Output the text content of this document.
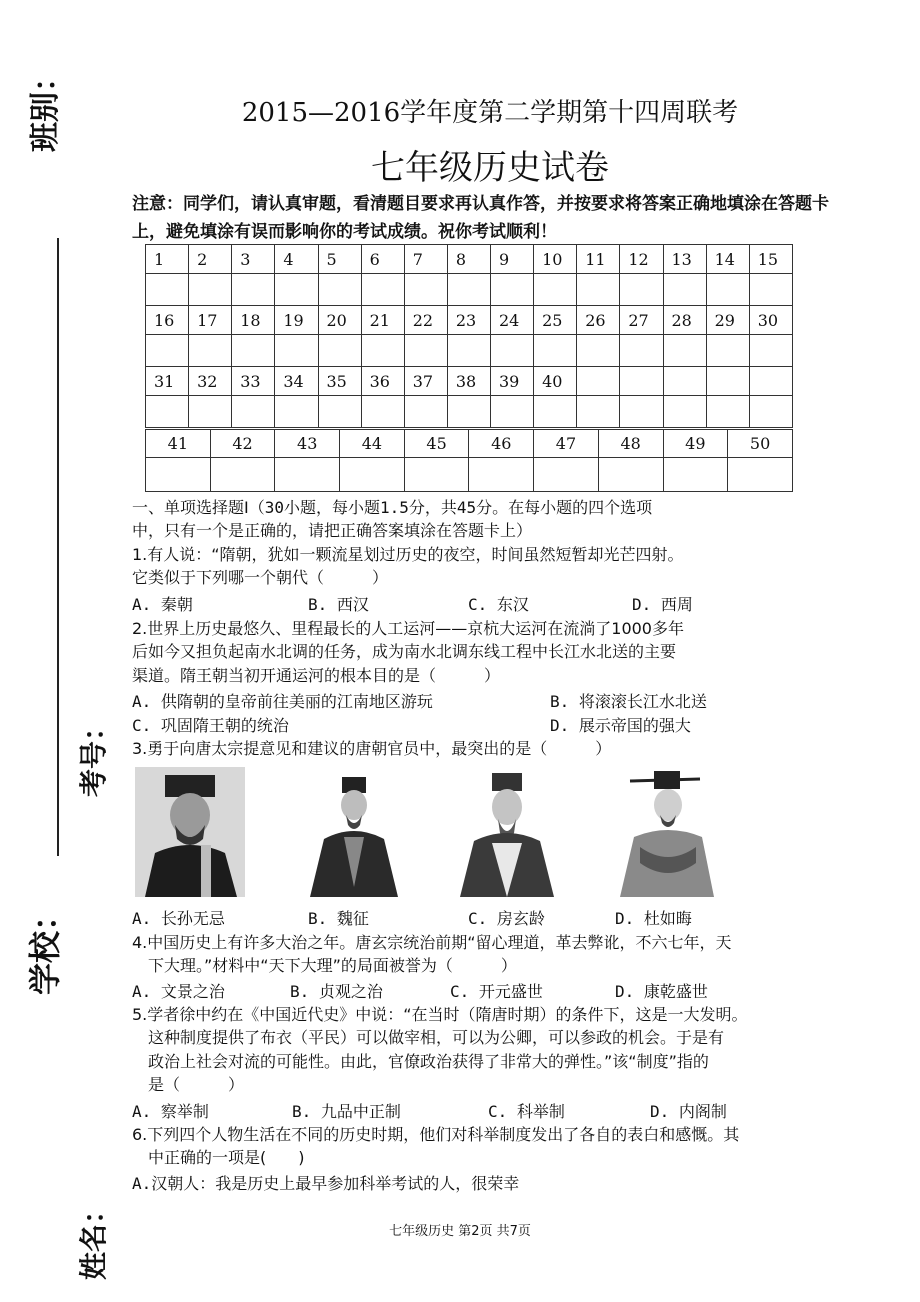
班别：
考号：
学校：
姓名：
2015—2016学年度第二学期第十四周联考
七年级历史试卷
注意：同学们，请认真审题，看清题目要求再认真作答，并按要求将答案正确地填涂在答题卡上，避免填涂有误而影响你的考试成绩。祝你考试顺利！
1	2	3	4	5	6	7	8	9	10	11	12	13	14	15

16	17	18	19	20	21	22	23	24	25	26	27	28	29	30

31	32	33	34	35	36	37	38	39	40					

41	42	43	44	45	46	47	48	49	50

一、单项选择题Ⅰ（30小题，每小题1.5分，共45分。在每小题的四个选项
中，只有一个是正确的，请把正确答案填涂在答题卡上）
1.有人说：“隋朝，犹如一颗流星划过历史的夜空，时间虽然短暂却光芒四射。
它类似于下列哪一个朝代（　　　）
A. 秦朝	B. 西汉	C. 东汉	D. 西周
2.世界上历史最悠久、里程最长的人工运河——京杭大运河在流淌了1000多年
后如今又担负起南水北调的任务，成为南水北调东线工程中长江水北送的主要
渠道。隋王朝当初开通运河的根本目的是（　　　）
A. 供隋朝的皇帝前往美丽的江南地区游玩	B. 将滚滚长江水北送
C. 巩固隋王朝的统治	D. 展示帝国的强大
3.勇于向唐太宗提意见和建议的唐朝官员中，最突出的是（　　　）
A. 长孙无忌	B. 魏征	C. 房玄龄	D. 杜如晦
4.中国历史上有许多大治之年。唐玄宗统治前期“留心理道，革去弊讹，不六七年，天
　下大理。”材料中“天下大理”的局面被誉为（　　　）
A. 文景之治	B. 贞观之治	C. 开元盛世	D. 康乾盛世
5.学者徐中约在《中国近代史》中说：“在当时（隋唐时期）的条件下，这是一大发明。
　这种制度提供了布衣（平民）可以做宰相，可以为公卿，可以参政的机会。于是有
　政治上社会对流的可能性。由此，官僚政治获得了非常大的弹性。”该“制度”指的
　是（　　　）
A. 察举制	B. 九品中正制	C. 科举制	D. 内阁制
6.下列四个人物生活在不同的历史时期，他们对科举制度发出了各自的表白和感慨。其
　中正确的一项是(　　)
A.汉朝人：我是历史上最早参加科举考试的人，很荣幸
七年级历史 第2页 共7页
